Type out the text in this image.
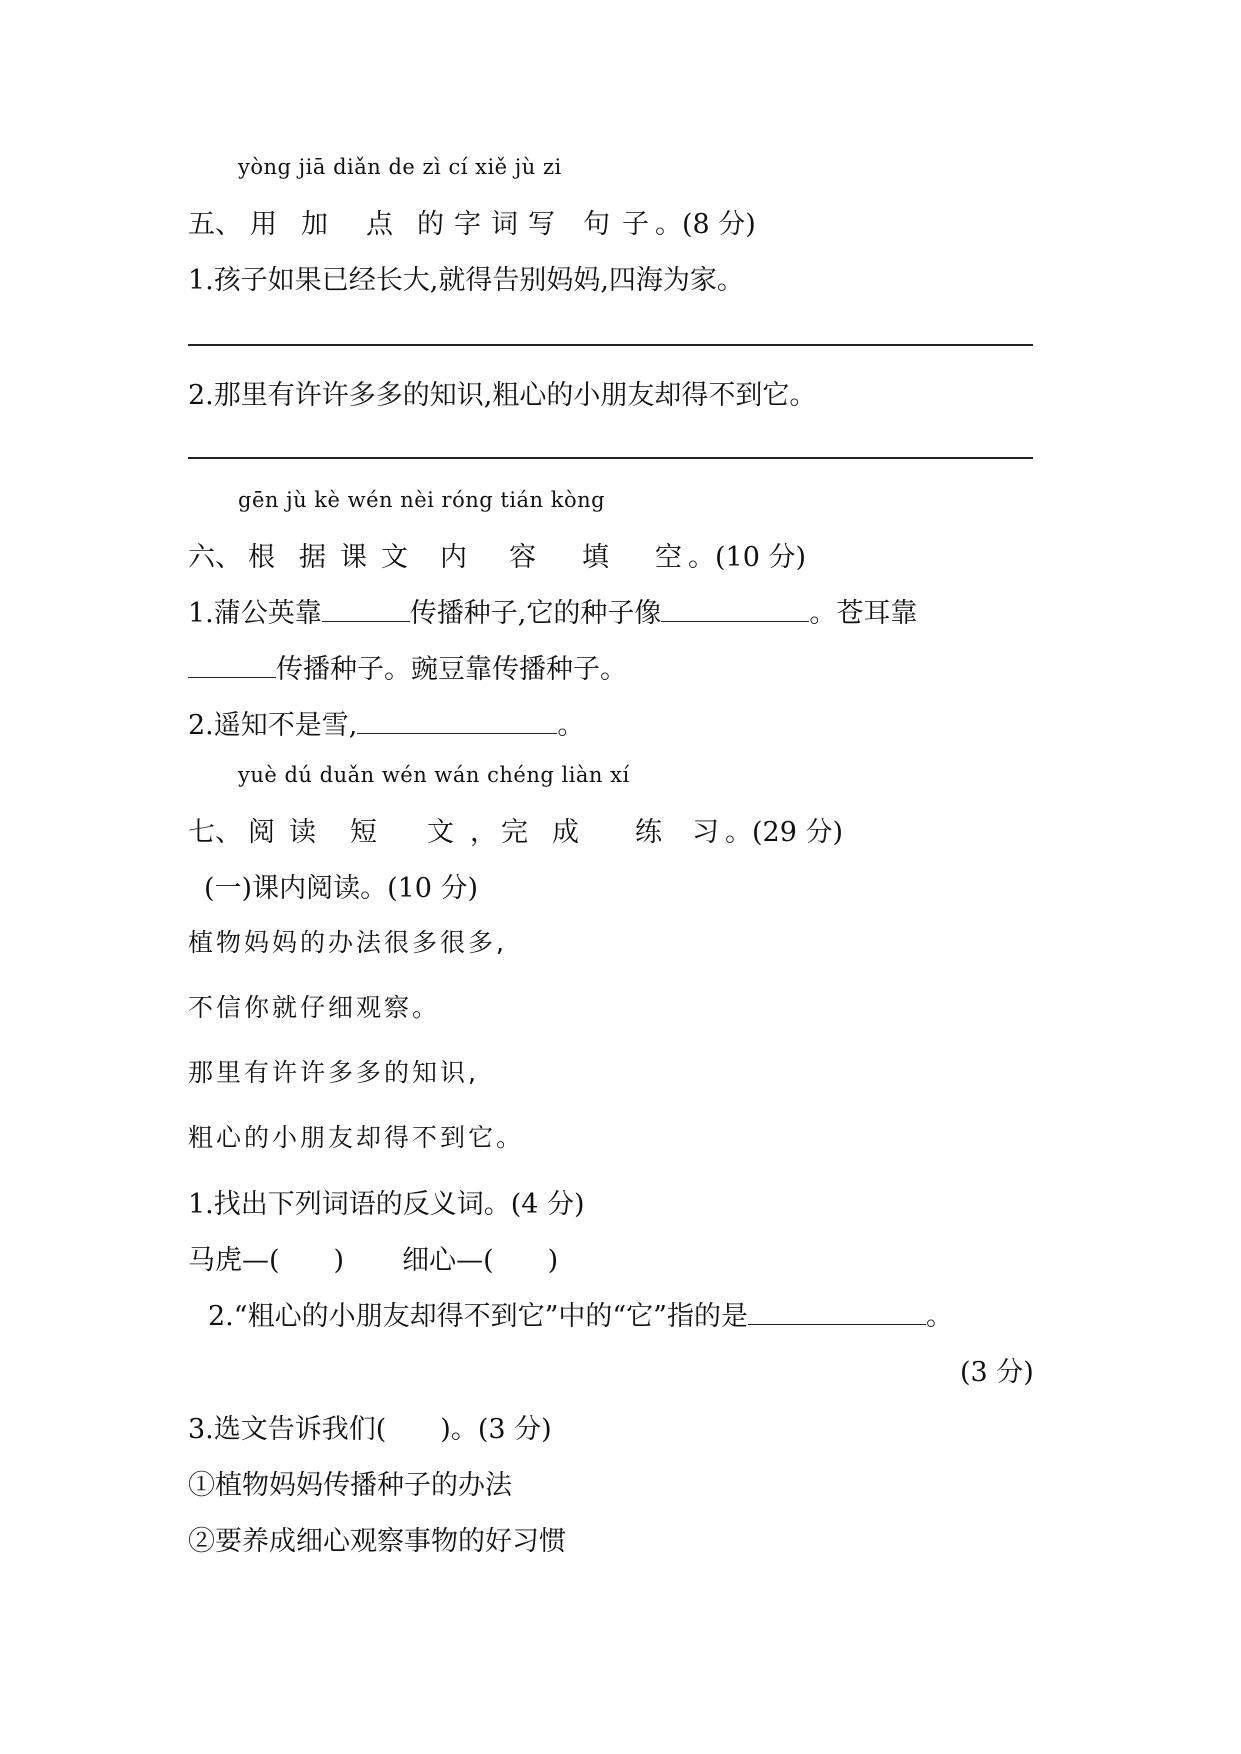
yòng jiā diǎn de zì cí xiě jù zi
五、 用 加 点 的 字 词 写 句 子 。(8 分)
1.孩子如果已经长大,就得告别妈妈,四海为家。
2.那里有许许多多的知识,粗心的小朋友却得不到它。
gēn jù kè wén nèi róng tián kòng
六、 根 据 课 文 内 容 填 空 。(10 分)
1.蒲公英靠	传播种子,它的种子像	。苍耳靠
传播种子。豌豆靠传播种子。
2.遥知不是雪,	。
yuè dú duǎn wén wán chéng liàn xí
七、 阅 读 短 文 ， 完 成 练 习 。(29 分)
(一)课内阅读。(10 分)
植物妈妈的办法很多很多,
不信你就仔细观察。
那里有许许多多的知识,
粗心的小朋友却得不到它。
1.找出下列词语的反义词。(4 分)
马虎—(　　) 细心—(　　)
2.“粗心的小朋友却得不到它”中的“它”指的是	。
(3 分)
3.选文告诉我们(　　)。(3 分)
①植物妈妈传播种子的办法
②要养成细心观察事物的好习惯
